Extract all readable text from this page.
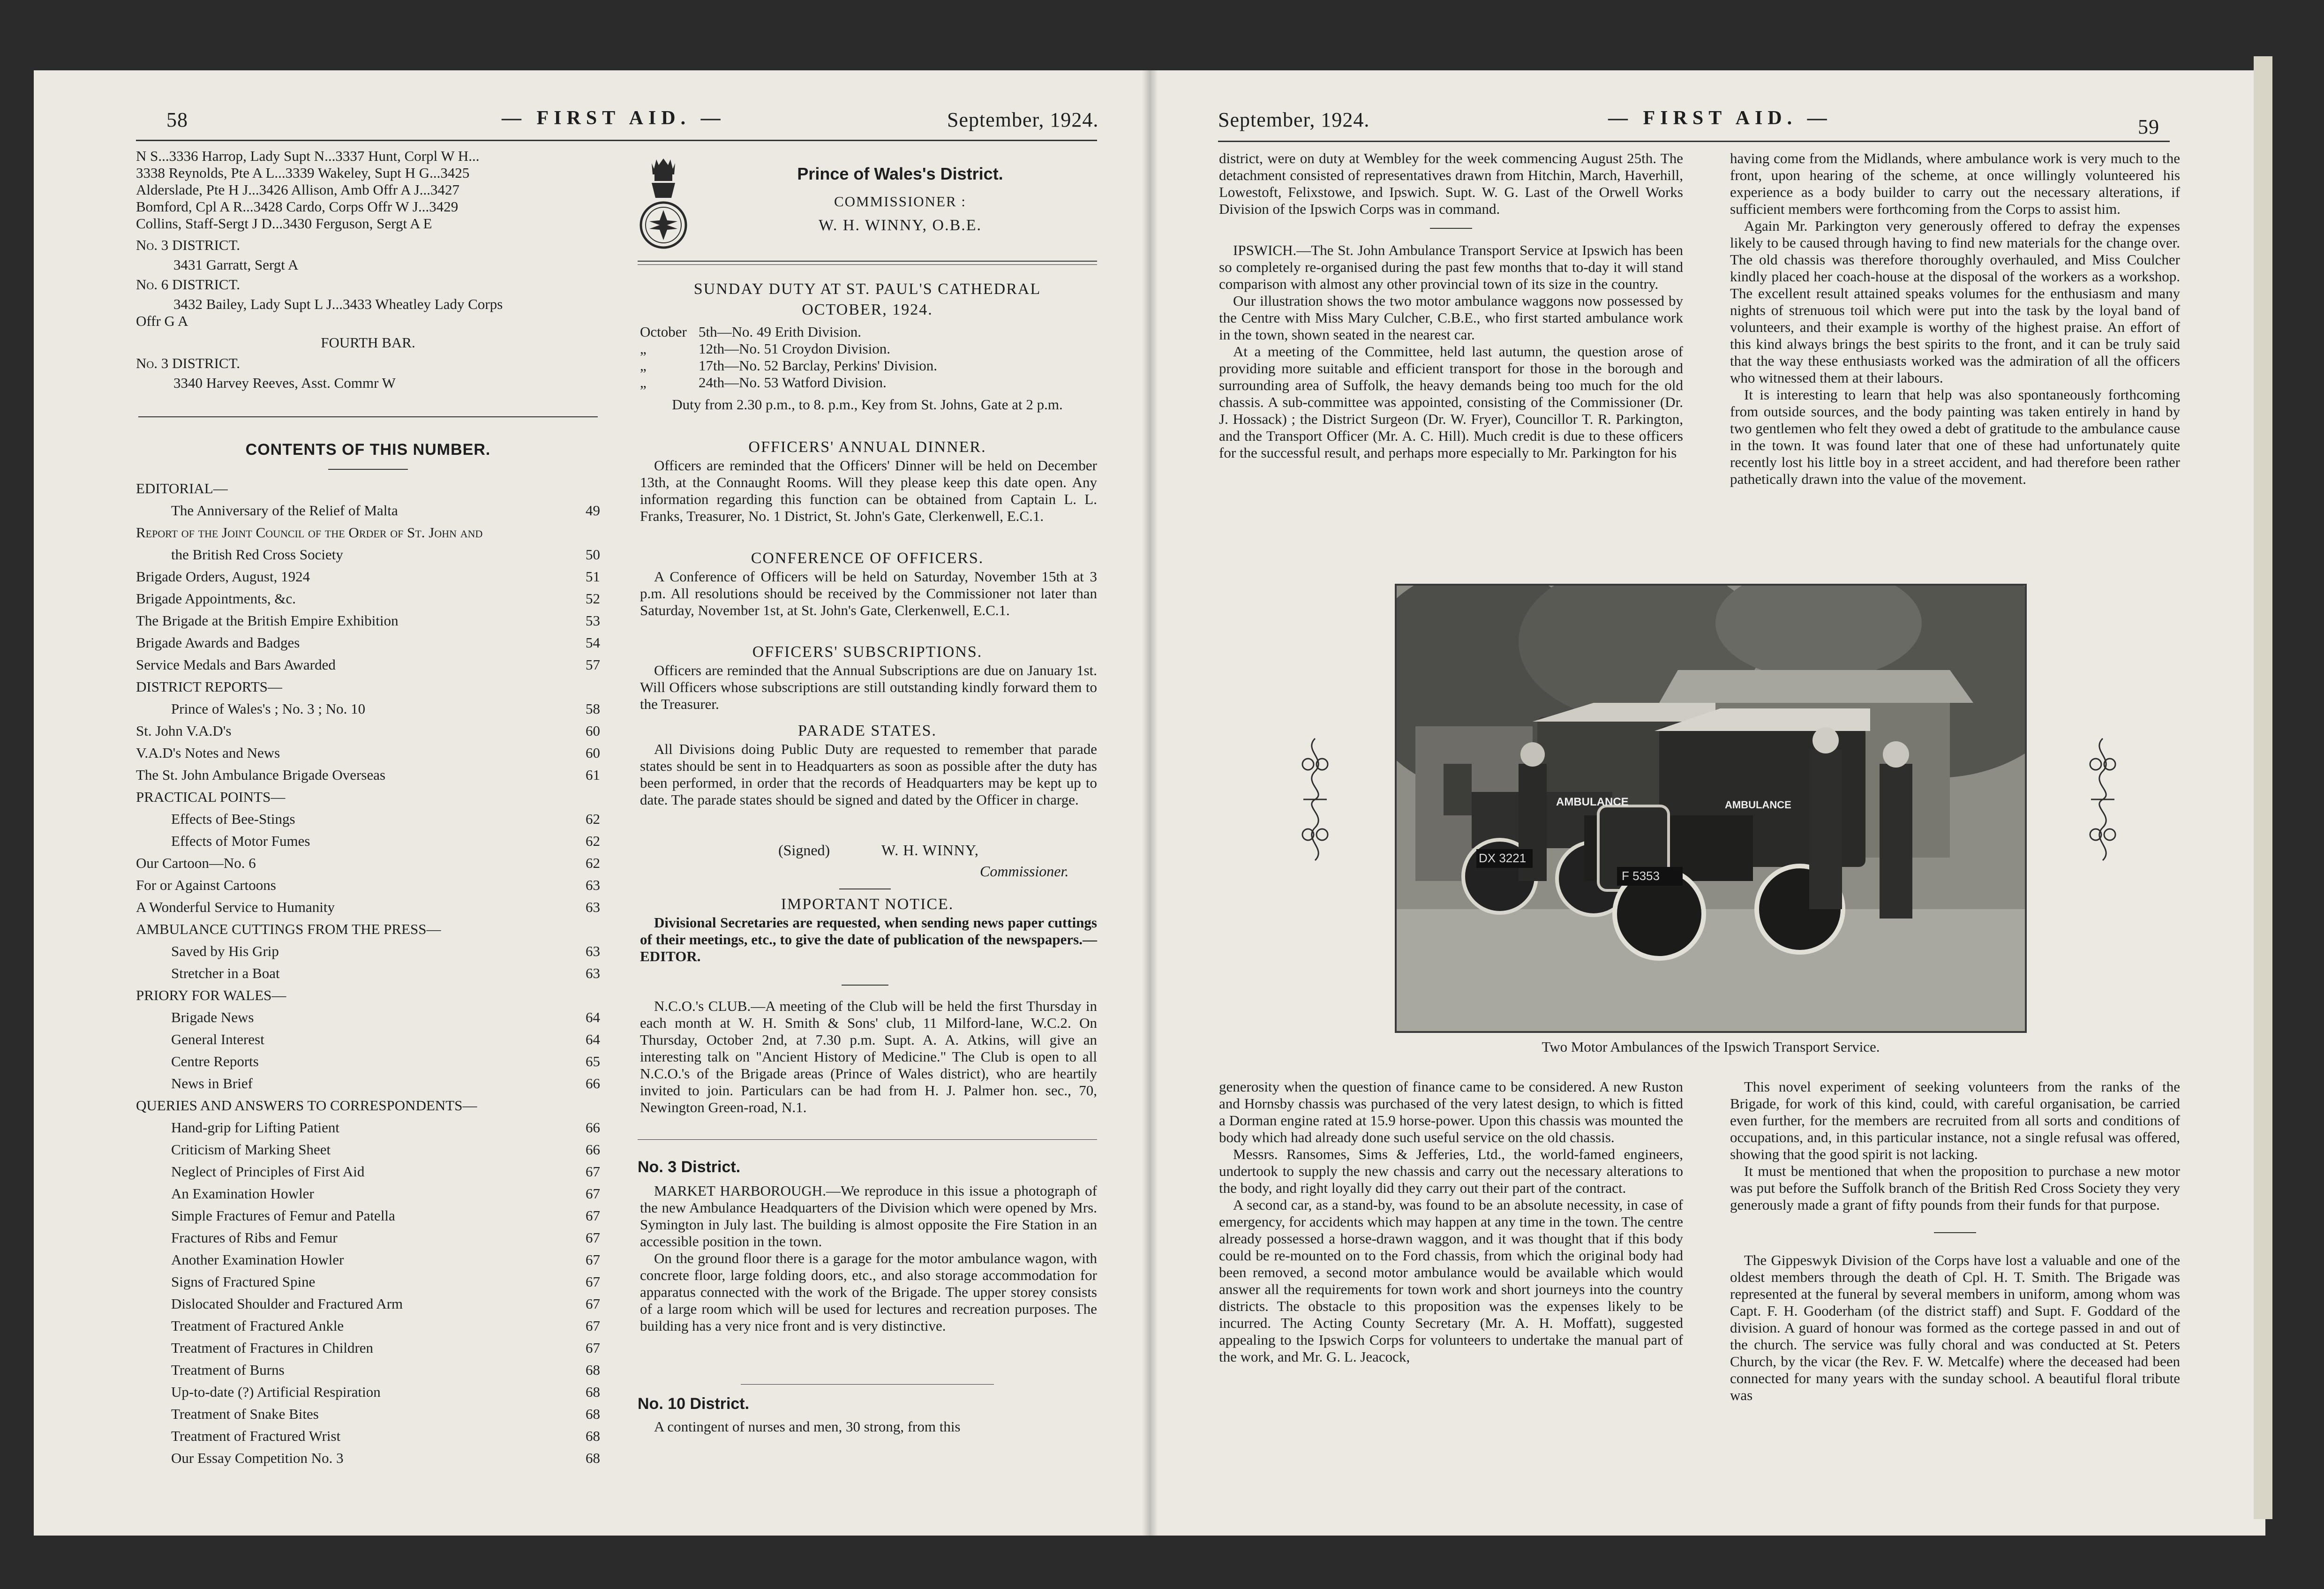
58	— FIRST AID. —	September, 1924.
N S...3336 Harrop, Lady Supt N...3337 Hunt, Corpl W H...
3338 Reynolds, Pte A L...3339 Wakeley, Supt H G...3425
Alderslade, Pte H J...3426 Allison, Amb Offr A J...3427
Bomford, Cpl A R...3428 Cardo, Corps Offr W J...3429
Collins, Staff-Sergt J D...3430 Ferguson, Sergt A E
No. 3 DISTRICT.
3431 Garratt, Sergt A
No. 6 DISTRICT.
3432 Bailey, Lady Supt L J...3433 Wheatley Lady Corps
Offr G A
FOURTH BAR.
No. 3 DISTRICT.
3340 Harvey Reeves, Asst. Commr W
CONTENTS OF THIS NUMBER.
EDITORIAL—
The Anniversary of the Relief of Malta	49
Report of the Joint Council of the Order of St. John and
the British Red Cross Society	50
Brigade Orders, August, 1924	51
Brigade Appointments, &c.	52
The Brigade at the British Empire Exhibition	53
Brigade Awards and Badges	54
Service Medals and Bars Awarded	57
DISTRICT REPORTS—
Prince of Wales's ; No. 3 ; No. 10	58
St. John V.A.D's	60
V.A.D's Notes and News	60
The St. John Ambulance Brigade Overseas	61
PRACTICAL POINTS—
Effects of Bee-Stings	62
Effects of Motor Fumes	62
Our Cartoon—No. 6	62
For or Against Cartoons	63
A Wonderful Service to Humanity	63
AMBULANCE CUTTINGS FROM THE PRESS—
Saved by His Grip	63
Stretcher in a Boat	63
PRIORY FOR WALES—
Brigade News	64
General Interest	64
Centre Reports	65
News in Brief	66
QUERIES AND ANSWERS TO CORRESPONDENTS—
Hand-grip for Lifting Patient	66
Criticism of Marking Sheet	66
Neglect of Principles of First Aid	67
An Examination Howler	67
Simple Fractures of Femur and Patella	67
Fractures of Ribs and Femur	67
Another Examination Howler	67
Signs of Fractured Spine	67
Dislocated Shoulder and Fractured Arm	67
Treatment of Fractured Ankle	67
Treatment of Fractures in Children	67
Treatment of Burns	68
Up-to-date (?) Artificial Respiration	68
Treatment of Snake Bites	68
Treatment of Fractured Wrist	68
Our Essay Competition No. 3	68
Prince of Wales's District.
COMMISSIONER :
W. H. WINNY, O.B.E.
SUNDAY DUTY AT ST. PAUL'S CATHEDRAL
OCTOBER, 1924.
October 5th—No. 49 Erith Division.
„	12th—No. 51 Croydon Division.
„	17th—No. 52 Barclay, Perkins' Division.
„	24th—No. 53 Watford Division.
Duty from 2.30 p.m., to 8. p.m., Key from St. Johns, Gate at 2 p.m.
OFFICERS' ANNUAL DINNER.

Officers are reminded that the Officers' Dinner will be held on December 13th, at the Connaught Rooms. Will they please keep this date open. Any information regarding this function can be obtained from Captain L. L. Franks, Treasurer, No. 1 District, St. John's Gate, Clerkenwell, E.C.1.

CONFERENCE OF OFFICERS.

A Conference of Officers will be held on Saturday, November 15th at 3 p.m. All resolutions should be received by the Commissioner not later than Saturday, November 1st, at St. John's Gate, Clerkenwell, E.C.1.

OFFICERS' SUBSCRIPTIONS.

Officers are reminded that the Annual Subscriptions are due on January 1st. Will Officers whose subscriptions are still outstanding kindly forward them to the Treasurer.

PARADE STATES.

All Divisions doing Public Duty are requested to remember that parade states should be sent in to Headquarters as soon as possible after the duty has been performed, in order that the records of Headquarters may be kept up to date. The parade states should be signed and dated by the Officer in charge.

(Signed)	W. H. WINNY,
Commissioner.
IMPORTANT NOTICE.

Divisional Secretaries are requested, when sending news paper cuttings of their meetings, etc., to give the date of publication of the newspapers.—EDITOR.

N.C.O.'s CLUB.—A meeting of the Club will be held the first Thursday in each month at W. H. Smith & Sons' club, 11 Milford-lane, W.C.2. On Thursday, October 2nd, at 7.30 p.m. Supt. A. A. Atkins, will give an interesting talk on "Ancient History of Medicine." The Club is open to all N.C.O.'s of the Brigade areas (Prince of Wales district), who are heartily invited to join. Particulars can be had from H. J. Palmer hon. sec., 70, Newington Green-road, N.1.

No. 3 District.

MARKET HARBOROUGH.—We reproduce in this issue a photograph of the new Ambulance Headquarters of the Division which were opened by Mrs. Symington in July last. The building is almost opposite the Fire Station in an accessible position in the town.

On the ground floor there is a garage for the motor ambulance wagon, with concrete floor, large folding doors, etc., and also storage accommodation for apparatus connected with the work of the Brigade. The upper storey consists of a large room which will be used for lectures and recreation purposes. The building has a very nice front and is very distinctive.

No. 10 District.

A contingent of nurses and men, 30 strong, from this

September, 1924.	— FIRST AID. —	59

district, were on duty at Wembley for the week commencing August 25th. The detachment consisted of representatives drawn from Hitchin, March, Haverhill, Lowestoft, Felixstowe, and Ipswich. Supt. W. G. Last of the Orwell Works Division of the Ipswich Corps was in command.

IPSWICH.—The St. John Ambulance Transport Service at Ipswich has been so completely re-organised during the past few months that to-day it will stand comparison with almost any other provincial town of its size in the country.

Our illustration shows the two motor ambulance waggons now possessed by the Centre with Miss Mary Culcher, C.B.E., who first started ambulance work in the town, shown seated in the nearest car.

At a meeting of the Committee, held last autumn, the question arose of providing more suitable and efficient transport for those in the borough and surrounding area of Suffolk, the heavy demands being too much for the old chassis. A sub-committee was appointed, consisting of the Commissioner (Dr. J. Hossack) ; the District Surgeon (Dr. W. Fryer), Councillor T. R. Parkington, and the Transport Officer (Mr. A. C. Hill). Much credit is due to these officers for the successful result, and perhaps more especially to Mr. Parkington for his

having come from the Midlands, where ambulance work is very much to the front, upon hearing of the scheme, at once willingly volunteered his experience as a body builder to carry out the necessary alterations, if sufficient members were forthcoming from the Corps to assist him.

Again Mr. Parkington very generously offered to defray the expenses likely to be caused through having to find new materials for the change over. The old chassis was therefore thoroughly overhauled, and Miss Coulcher kindly placed her coach-house at the disposal of the workers as a workshop. The excellent result attained speaks volumes for the enthusiasm and many nights of strenuous toil which were put into the task by the loyal band of volunteers, and their example is worthy of the highest praise. An effort of this kind always brings the best spirits to the front, and it can be truly said that the way these enthusiasts worked was the admiration of all the officers who witnessed them at their labours.

It is interesting to learn that help was also spontaneously forthcoming from outside sources, and the body painting was taken entirely in hand by two gentlemen who felt they owed a debt of gratitude to the ambulance cause in the town. It was found later that one of these had unfortunately quite recently lost his little boy in a street accident, and had therefore been rather pathetically drawn into the value of the movement.

AMBULANCE	AMBULANCE
DX 3221
F 5353
Two Motor Ambulances of the Ipswich Transport Service.

generosity when the question of finance came to be considered. A new Ruston and Hornsby chassis was purchased of the very latest design, to which is fitted a Dorman engine rated at 15.9 horse-power. Upon this chassis was mounted the body which had already done such useful service on the old chassis.

Messrs. Ransomes, Sims & Jefferies, Ltd., the world-famed engineers, undertook to supply the new chassis and carry out the necessary alterations to the body, and right loyally did they carry out their part of the contract.

A second car, as a stand-by, was found to be an absolute necessity, in case of emergency, for accidents which may happen at any time in the town. The centre already possessed a horse-drawn waggon, and it was thought that if this body could be re-mounted on to the Ford chassis, from which the original body had been removed, a second motor ambulance would be available which would answer all the requirements for town work and short journeys into the country districts. The obstacle to this proposition was the expenses likely to be incurred. The Acting County Secretary (Mr. A. H. Moffatt), suggested appealing to the Ipswich Corps for volunteers to undertake the manual part of the work, and Mr. G. L. Jeacock,

This novel experiment of seeking volunteers from the ranks of the Brigade, for work of this kind, could, with careful organisation, be carried even further, for the members are recruited from all sorts and conditions of occupations, and, in this particular instance, not a single refusal was offered, showing that the good spirit is not lacking.

It must be mentioned that when the proposition to purchase a new motor was put before the Suffolk branch of the British Red Cross Society they very generously made a grant of fifty pounds from their funds for that purpose.

The Gippeswyk Division of the Corps have lost a valuable and one of the oldest members through the death of Cpl. H. T. Smith. The Brigade was represented at the funeral by several members in uniform, among whom was Capt. F. H. Gooderham (of the district staff) and Supt. F. Goddard of the division. A guard of honour was formed as the cortege passed in and out of the church. The service was fully choral and was conducted at St. Peters Church, by the vicar (the Rev. F. W. Metcalfe) where the deceased had been connected for many years with the sunday school. A beautiful floral tribute was
